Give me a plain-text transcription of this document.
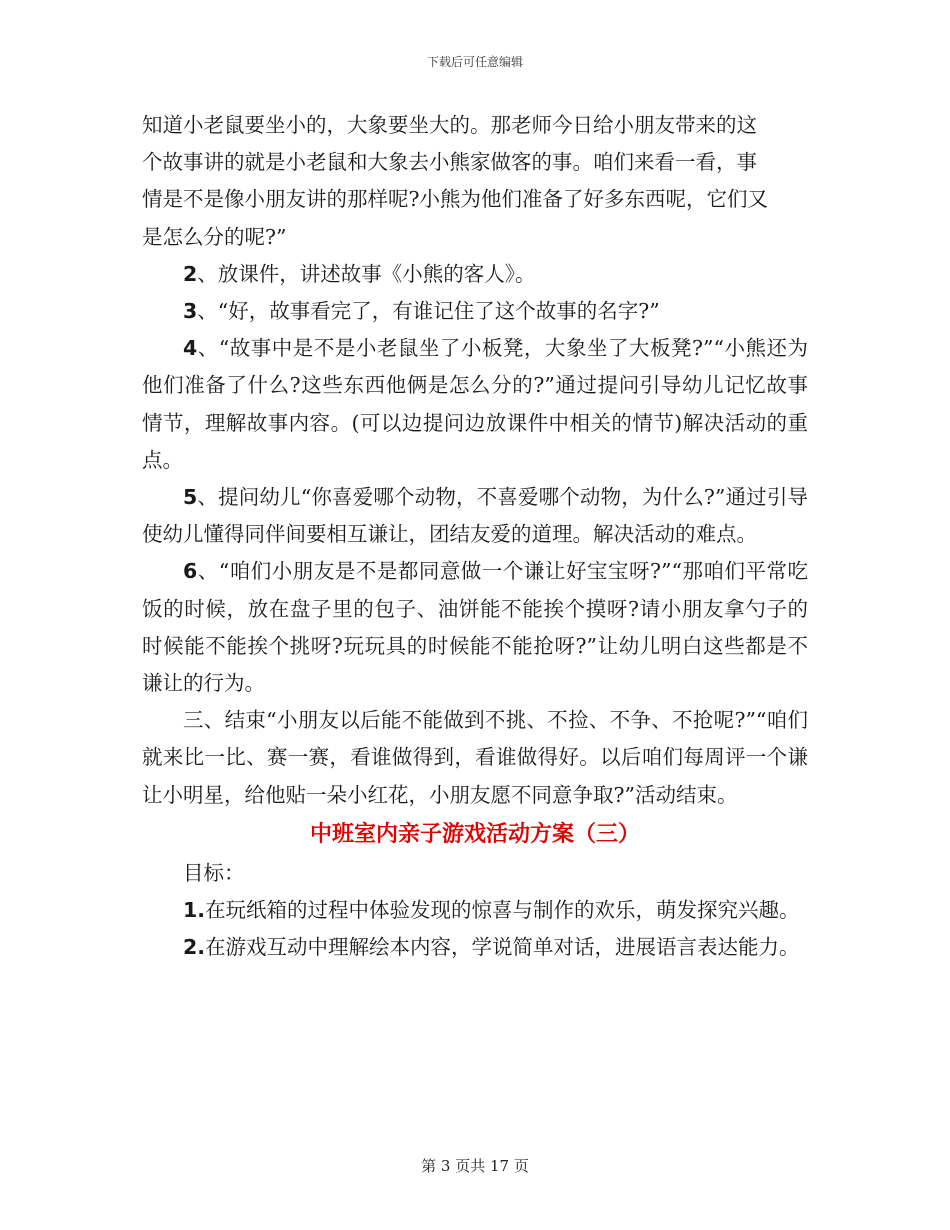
下载后可任意编辑

知道小老鼠要坐小的，大象要坐大的。那老师今日给小朋友带来的这
个故事讲的就是小老鼠和大象去小熊家做客的事。咱们来看一看，事
情是不是像小朋友讲的那样呢?小熊为他们准备了好多东西呢，它们又
是怎么分的呢?”

2、放课件，讲述故事《小熊的客人》。

3、“好，故事看完了，有谁记住了这个故事的名字?”

4、“故事中是不是小老鼠坐了小板凳，大象坐了大板凳?”“小熊还为他们准备了什么?这些东西他俩是怎么分的?”通过提问引导幼儿记忆故事情节，理解故事内容。(可以边提问边放课件中相关的情节)解决活动的重点。

5、提问幼儿“你喜爱哪个动物，不喜爱哪个动物，为什么?”通过引导使幼儿懂得同伴间要相互谦让，团结友爱的道理。解决活动的难点。

6、“咱们小朋友是不是都同意做一个谦让好宝宝呀?”“那咱们平常吃饭的时候，放在盘子里的包子、油饼能不能挨个摸呀?请小朋友拿勺子的时候能不能挨个挑呀?玩玩具的时候能不能抢呀?”让幼儿明白这些都是不谦让的行为。

三、结束“小朋友以后能不能做到不挑、不捡、不争、不抢呢?”“咱们就来比一比、赛一赛，看谁做得到，看谁做得好。以后咱们每周评一个谦让小明星，给他贴一朵小红花，小朋友愿不同意争取?”活动结束。

中班室内亲子游戏活动方案（三）

目标：

1.在玩纸箱的过程中体验发现的惊喜与制作的欢乐，萌发探究兴趣。

2.在游戏互动中理解绘本内容，学说简单对话，进展语言表达能力。

第 3 页共 17 页
